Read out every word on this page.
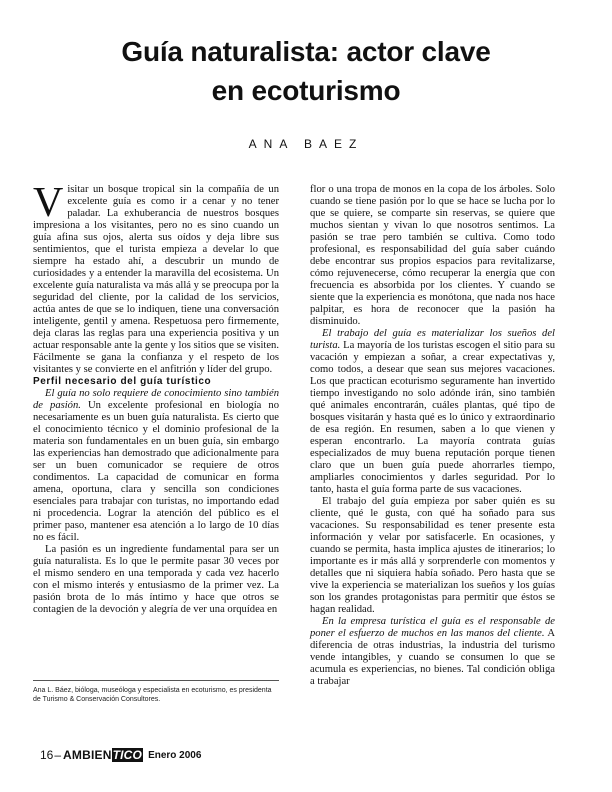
Guía naturalista: actor clave
en ecoturismo
ANA BAEZ

Visitar un bosque tropical sin la compañía de un excelente guía es como ir a cenar y no tener paladar. La exhuberancia de nuestros bosques impresiona a los visitantes, pero no es sino cuando un guía afina sus ojos, alerta sus oídos y deja libre sus sentimientos, que el turista empieza a develar lo que siempre ha estado ahí, a descubrir un mundo de curiosidades y a entender la maravilla del ecosistema. Un excelente guía naturalista va más allá y se preocupa por la seguridad del cliente, por la calidad de los servicios, actúa antes de que se lo indiquen, tiene una conversación inteligente, gentil y amena. Respetuosa pero firmemente, deja claras las reglas para una experiencia positiva y un actuar responsable ante la gente y los sitios que se visiten. Fácilmente se gana la confianza y el respeto de los visitantes y se convierte en el anfitrión y líder del grupo.

Perfil necesario del guía turístico

El guía no solo requiere de conocimiento sino también de pasión. Un excelente profesional en biología no necesariamente es un buen guía naturalista. Es cierto que el conocimiento técnico y el dominio profesional de la materia son fundamentales en un buen guía, sin embargo las experiencias han demostrado que adicionalmente para ser un buen comunicador se requiere de otros condimentos. La capacidad de comunicar en forma amena, oportuna, clara y sencilla son condiciones esenciales para trabajar con turistas, no importando edad ni procedencia. Lograr la atención del público es el primer paso, mantener esa atención a lo largo de 10 días no es fácil.

La pasión es un ingrediente fundamental para ser un guía naturalista. Es lo que le permite pasar 30 veces por el mismo sendero en una temporada y cada vez hacerlo con el mismo interés y entusiasmo de la primer vez. La pasión brota de lo más íntimo y hace que otros se contagien de la devoción y alegría de ver una orquídea en

flor o una tropa de monos en la copa de los árboles. Solo cuando se tiene pasión por lo que se hace se lucha por lo que se quiere, se comparte sin reservas, se quiere que muchos sientan y vivan lo que nosotros sentimos. La pasión se trae pero también se cultiva. Como todo profesional, es responsabilidad del guía saber cuándo debe encontrar sus propios espacios para revitalizarse, cómo rejuvenecerse, cómo recuperar la energía que con frecuencia es absorbida por los clientes. Y cuando se siente que la experiencia es monótona, que nada nos hace palpitar, es hora de reconocer que la pasión ha disminuido.

El trabajo del guía es materializar los sueños del turista. La mayoría de los turistas escogen el sitio para su vacación y empiezan a soñar, a crear expectativas y, como todos, a desear que sean sus mejores vacaciones. Los que practican ecoturismo seguramente han invertido tiempo investigando no solo adónde irán, sino también qué animales encontrarán, cuáles plantas, qué tipo de bosques visitarán y hasta qué es lo único y extraordinario de esa región. En resumen, saben a lo que vienen y esperan encontrarlo. La mayoría contrata guías especializados de muy buena reputación porque tienen claro que un buen guía puede ahorrarles tiempo, ampliarles conocimientos y darles seguridad. Por lo tanto, hasta el guía forma parte de sus vacaciones.

El trabajo del guía empieza por saber quién es su cliente, qué le gusta, con qué ha soñado para sus vacaciones. Su responsabilidad es tener presente esta información y velar por satisfacerle. En ocasiones, y cuando se permita, hasta implica ajustes de itinerarios; lo importante es ir más allá y sorprenderle con momentos y detalles que ni siquiera había soñado. Pero hasta que se vive la experiencia se materializan los sueños y los guías son los grandes protagonistas para permitir que éstos se hagan realidad.

En la empresa turística el guía es el responsable de poner el esfuerzo de muchos en las manos del cliente. A diferencia de otras industrias, la industria del turismo vende intangibles, y cuando se consumen lo que se acumula es experiencias, no bienes. Tal condición obliga a trabajar

Ana L. Báez, bióloga, museóloga y especialista en ecoturismo, es presidenta de Turismo & Conservación Consultores.
16 – AMBIENTICO Enero 2006
